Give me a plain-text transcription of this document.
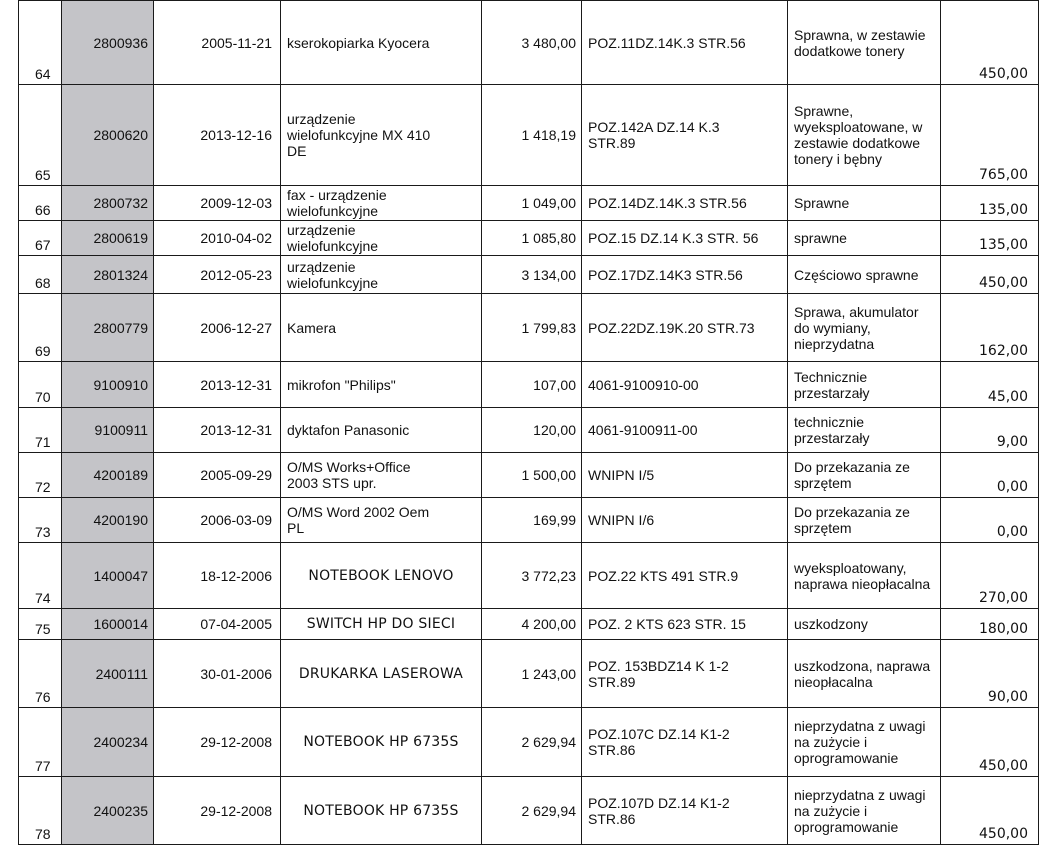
64	2800936	2005-11-21	kserokopiarka Kyocera	3 480,00	POZ.11DZ.14K.3 STR.56	Sprawna, w zestawie
dodatkowe tonery	450,00

65	2800620	2013-12-16	urządzenie
wielofunkcyjne MX 410
DE	1 418,19	POZ.142A DZ.14 K.3
STR.89	Sprawne,
wyeksploatowane, w
zestawie dodatkowe
tonery i bębny	765,00

66	2800732	2009-12-03	fax - urządzenie
wielofunkcyjne	1 049,00	POZ.14DZ.14K.3 STR.56	Sprawne	135,00

67	2800619	2010-04-02	urządzenie
wielofunkcyjne	1 085,80	POZ.15 DZ.14 K.3 STR. 56	sprawne	135,00

68	2801324	2012-05-23	urządzenie
wielofunkcyjne	3 134,00	POZ.17DZ.14K3 STR.56	Częściowo sprawne	450,00

69	2800779	2006-12-27	Kamera	1 799,83	POZ.22DZ.19K.20 STR.73	Sprawa, akumulator
do wymiany,
nieprzydatna	162,00

70	9100910	2013-12-31	mikrofon "Philips"	107,00	4061-9100910-00	Technicznie
przestarzały	45,00

71	9100911	2013-12-31	dyktafon Panasonic	120,00	4061-9100911-00	technicznie
przestarzały	9,00

72	4200189	2005-09-29	O/MS Works+Office
2003 STS upr.	1 500,00	WNIPN I/5	Do przekazania ze
sprzętem	0,00

73	4200190	2006-03-09	O/MS Word 2002 Oem
PL	169,99	WNIPN I/6	Do przekazania ze
sprzętem	0,00

74	1400047	18-12-2006	NOTEBOOK LENOVO	3 772,23	POZ.22 KTS 491 STR.9	wyeksploatowany,
naprawa nieopłacalna	270,00

75	1600014	07-04-2005	SWITCH HP DO SIECI	4 200,00	POZ. 2 KTS 623 STR. 15	uszkodzony	180,00

76	2400111	30-01-2006	DRUKARKA LASEROWA	1 243,00	POZ. 153BDZ14 K 1-2
STR.89	uszkodzona, naprawa
nieopłacalna	90,00

77	2400234	29-12-2008	NOTEBOOK HP 6735S	2 629,94	POZ.107C DZ.14 K1-2
STR.86	nieprzydatna z uwagi
na zużycie i
oprogramowanie	450,00

78	2400235	29-12-2008	NOTEBOOK HP 6735S	2 629,94	POZ.107D DZ.14 K1-2
STR.86	nieprzydatna z uwagi
na zużycie i
oprogramowanie	450,00
